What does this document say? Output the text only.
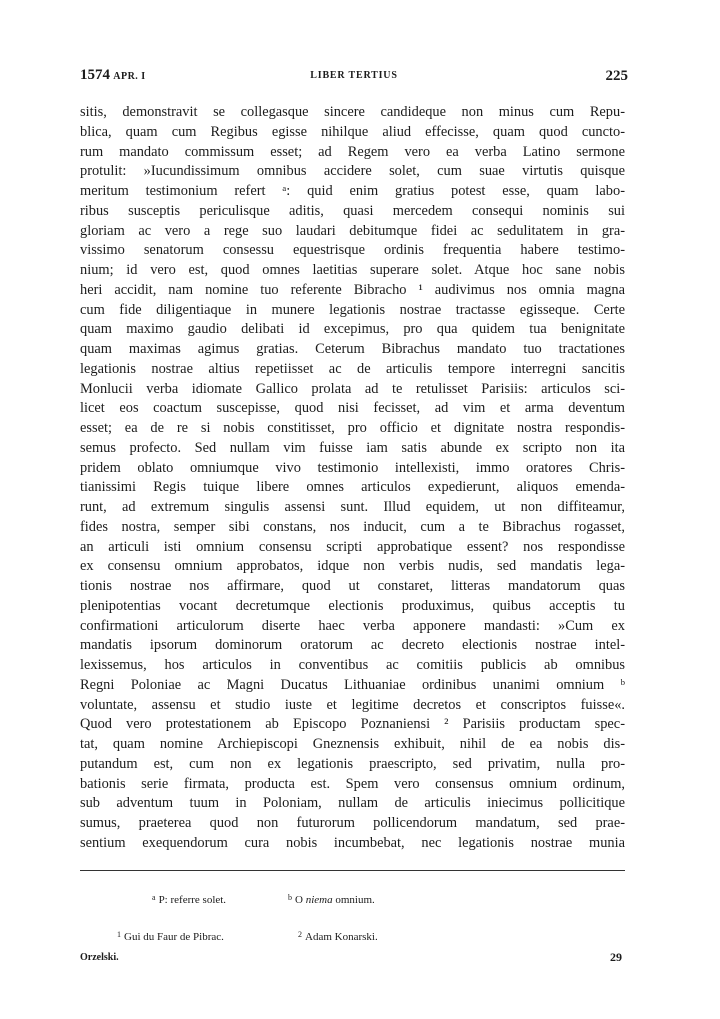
1574 APR. I	LIBER TERTIUS	225
sitis, demonstravit se collegasque sincere candideque non minus cum Repu-
blica, quam cum Regibus egisse nihilque aliud effecisse, quam quod cuncto-
rum mandato commissum esset; ad Regem vero ea verba Latino sermone
protulit: »Iucundissimum omnibus accidere solet, cum suae virtutis quisque
meritum testimonium refert ᵃ: quid enim gratius potest esse, quam labo-
ribus susceptis periculisque aditis, quasi mercedem consequi nominis sui
gloriam ac vero a rege suo laudari debitumque fidei ac sedulitatem in gra-
vissimo senatorum consessu equestrisque ordinis frequentia habere testimo-
nium; id vero est, quod omnes laetitias superare solet. Atque hoc sane nobis
heri accidit, nam nomine tuo referente Bibracho ¹ audivimus nos omnia magna
cum fide diligentiaque in munere legationis nostrae tractasse egisseque. Certe
quam maximo gaudio delibati id excepimus, pro qua quidem tua benignitate
quam maximas agimus gratias. Ceterum Bibrachus mandato tuo tractationes
legationis nostrae altius repetiisset ac de articulis tempore interregni sancitis
Monlucii verba idiomate Gallico prolata ad te retulisset Parisiis: articulos sci-
licet eos coactum suscepisse, quod nisi fecisset, ad vim et arma deventum
esset; ea de re si nobis constitisset, pro officio et dignitate nostra respondis-
semus profecto. Sed nullam vim fuisse iam satis abunde ex scripto non ita
pridem oblato omniumque vivo testimonio intellexisti, immo oratores Chris-
tianissimi Regis tuique libere omnes articulos expedierunt, aliquos emenda-
runt, ad extremum singulis assensi sunt. Illud equidem, ut non diffiteamur,
fides nostra, semper sibi constans, nos inducit, cum a te Bibrachus rogasset,
an articuli isti omnium consensu scripti approbatique essent? nos respondisse
ex consensu omnium approbatos, idque non verbis nudis, sed mandatis lega-
tionis nostrae nos affirmare, quod ut constaret, litteras mandatorum quas
plenipotentias vocant decretumque electionis produximus, quibus acceptis tu
confirmationi articulorum diserte haec verba apponere mandasti: »Cum ex
mandatis ipsorum dominorum oratorum ac decreto electionis nostrae intel-
lexissemus, hos articulos in conventibus ac comitiis publicis ab omnibus
Regni Poloniae ac Magni Ducatus Lithuaniae ordinibus unanimi omnium ᵇ
voluntate, assensu et studio iuste et legitime decretos et conscriptos fuisse«.
Quod vero protestationem ab Episcopo Poznaniensi ² Parisiis productam spec-
tat, quam nomine Archiepiscopi Gneznensis exhibuit, nihil de ea nobis dis-
putandum est, cum non ex legationis praescripto, sed privatim, nulla pro-
bationis serie firmata, producta est. Spem vero consensus omnium ordinum,
sub adventum tuum in Poloniam, nullam de articulis iniecimus pollicitique
sumus, praeterea quod non futurorum pollicendorum mandatum, sed prae-
sentium exequendorum cura nobis incumbebat, nec legationis nostrae munia
$^a$ P: referre solet.	$^b$ O niema omnium.
$^1$ Gui du Faur de Pibrac.	$^2$ Adam Konarski.
Orzelski.	29
